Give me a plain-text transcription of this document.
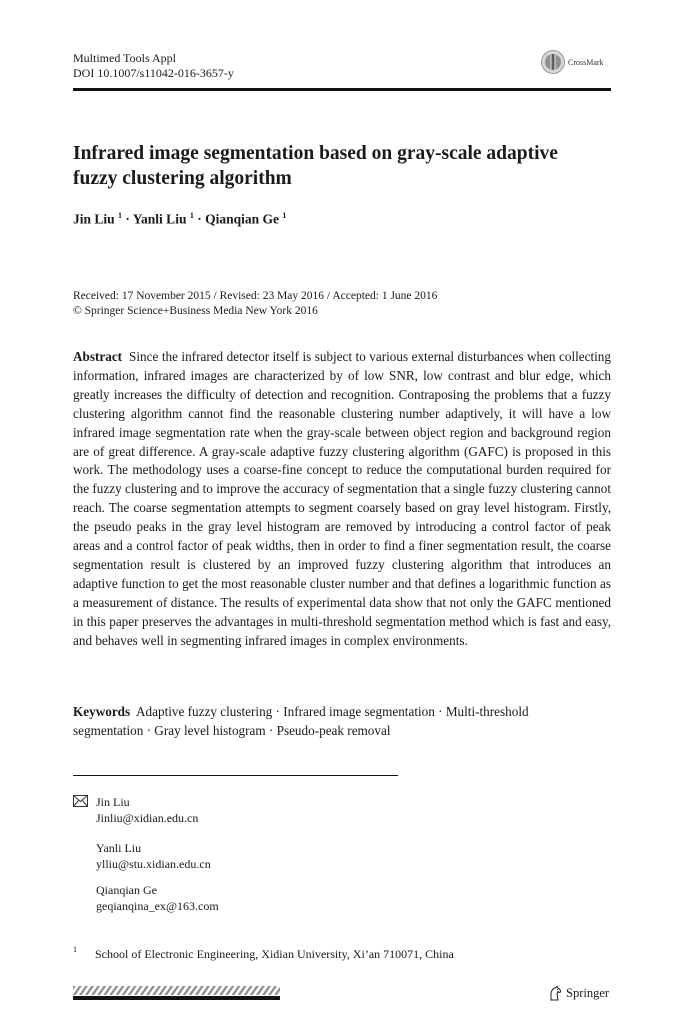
Multimed Tools Appl
DOI 10.1007/s11042-016-3657-y
CrossMark
Infrared image segmentation based on gray-scale adaptive
fuzzy clustering algorithm
Jin Liu $^1$ · Yanli Liu $^1$ · Qianqian Ge $^1$
Received: 17 November 2015 / Revised: 23 May 2016 / Accepted: 1 June 2016
© Springer Science+Business Media New York 2016
Abstract Since the infrared detector itself is subject to various external disturbances when collecting information, infrared images are characterized by of low SNR, low contrast and blur edge, which greatly increases the difficulty of detection and recognition. Contraposing the problems that a fuzzy clustering algorithm cannot find the reasonable clustering number adaptively, it will have a low infrared image segmentation rate when the gray-scale between object region and background region are of great difference. A gray-scale adaptive fuzzy clustering algorithm (GAFC) is proposed in this work. The methodology uses a coarse-fine concept to reduce the computational burden required for the fuzzy clustering and to improve the accuracy of segmentation that a single fuzzy clustering cannot reach. The coarse segmentation attempts to segment coarsely based on gray level histogram. Firstly, the pseudo peaks in the gray level histogram are removed by introducing a control factor of peak areas and a control factor of peak widths, then in order to find a finer segmentation result, the coarse segmentation result is clustered by an improved fuzzy clustering algorithm that introduces an adaptive function to get the most reasonable cluster number and that defines a logarithmic function as a measurement of distance. The results of experimental data show that not only the GAFC mentioned in this paper preserves the advantages in multi-threshold segmentation method which is fast and easy, and behaves well in segmenting infrared images in complex environments.
Keywords Adaptive fuzzy clustering · Infrared image segmentation · Multi-threshold
segmentation · Gray level histogram · Pseudo-peak removal
Jin Liu
Jinliu@xidian.edu.cn
Yanli Liu
ylliu@stu.xidian.edu.cn
Qianqian Ge
geqianqina_ex@163.com
1 School of Electronic Engineering, Xidian University, Xi’an 710071, China
Springer
